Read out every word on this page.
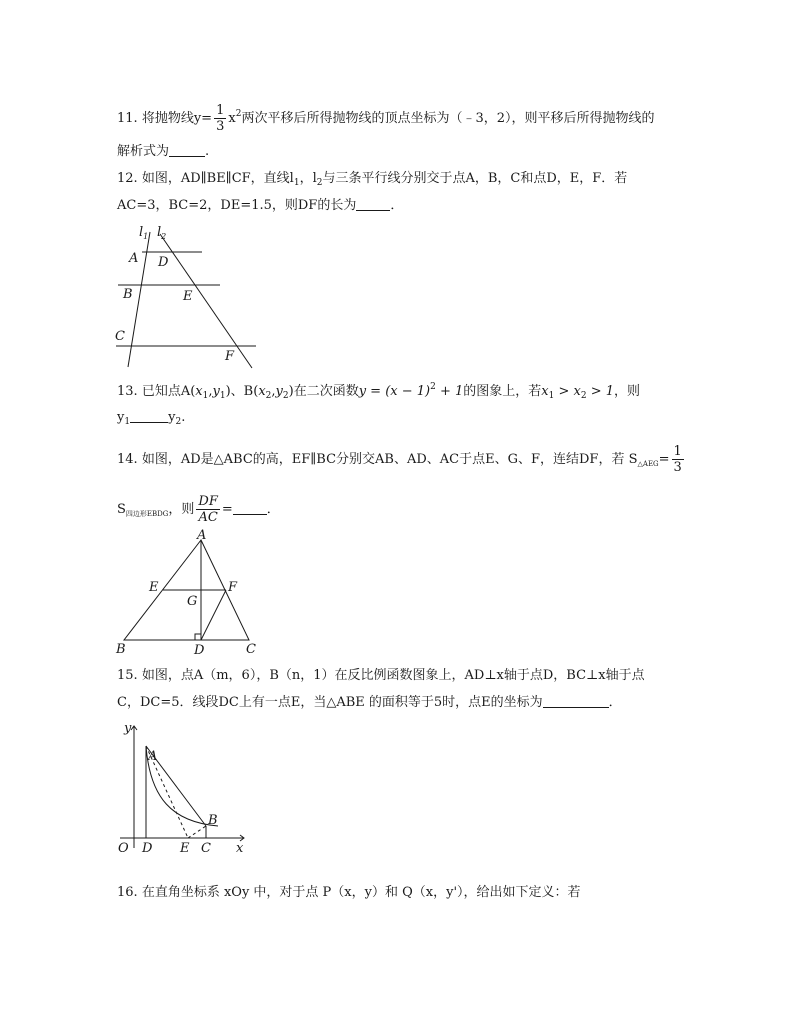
11. 将抛物线$y= \frac{1}{3} x^2$两次平移后所得抛物线的顶点坐标为（﹣3，2），则平移后所得抛物线的
解析式为	.
12. 如图，AD∥BE∥CF，直线$l_1$，$l_2$与三条平行线分别交于点A，B，C和点D，E，F．若
AC=3，BC=2，DE=1.5，则DF的长为	．
$l_1$ $l_2$
A D
B	E
C
F
13. 已知点$A(x_1,y_1)$、$B(x_2,y_2)$在二次函数$y = (x - 1)^2 + 1$的图象上，若$x_1 > x_2 > 1$，则
$y_1$	$y_2$.
14. 如图，AD是△ABC的高，EF∥BC分别交AB、AD、AC于点E、G、F，连结DF，若 $S_{\triangle AEG}= \frac{1}{3}$
$S_{四边形EBDG}$，则 $\frac{DF}{AC}$ =	．
A
E	F
G
B	D	C
15. 如图，点A（m，6），B（n，1）在反比例函数图象上，AD⊥x轴于点D，BC⊥x轴于点
C，DC=5．线段DC上有一点E，当△ABE 的面积等于5时，点E的坐标为	．
y
x
O
A
B
D E C
16. 在直角坐标系 xOy 中，对于点 P（x，y）和 Q（x，y'），给出如下定义：若
